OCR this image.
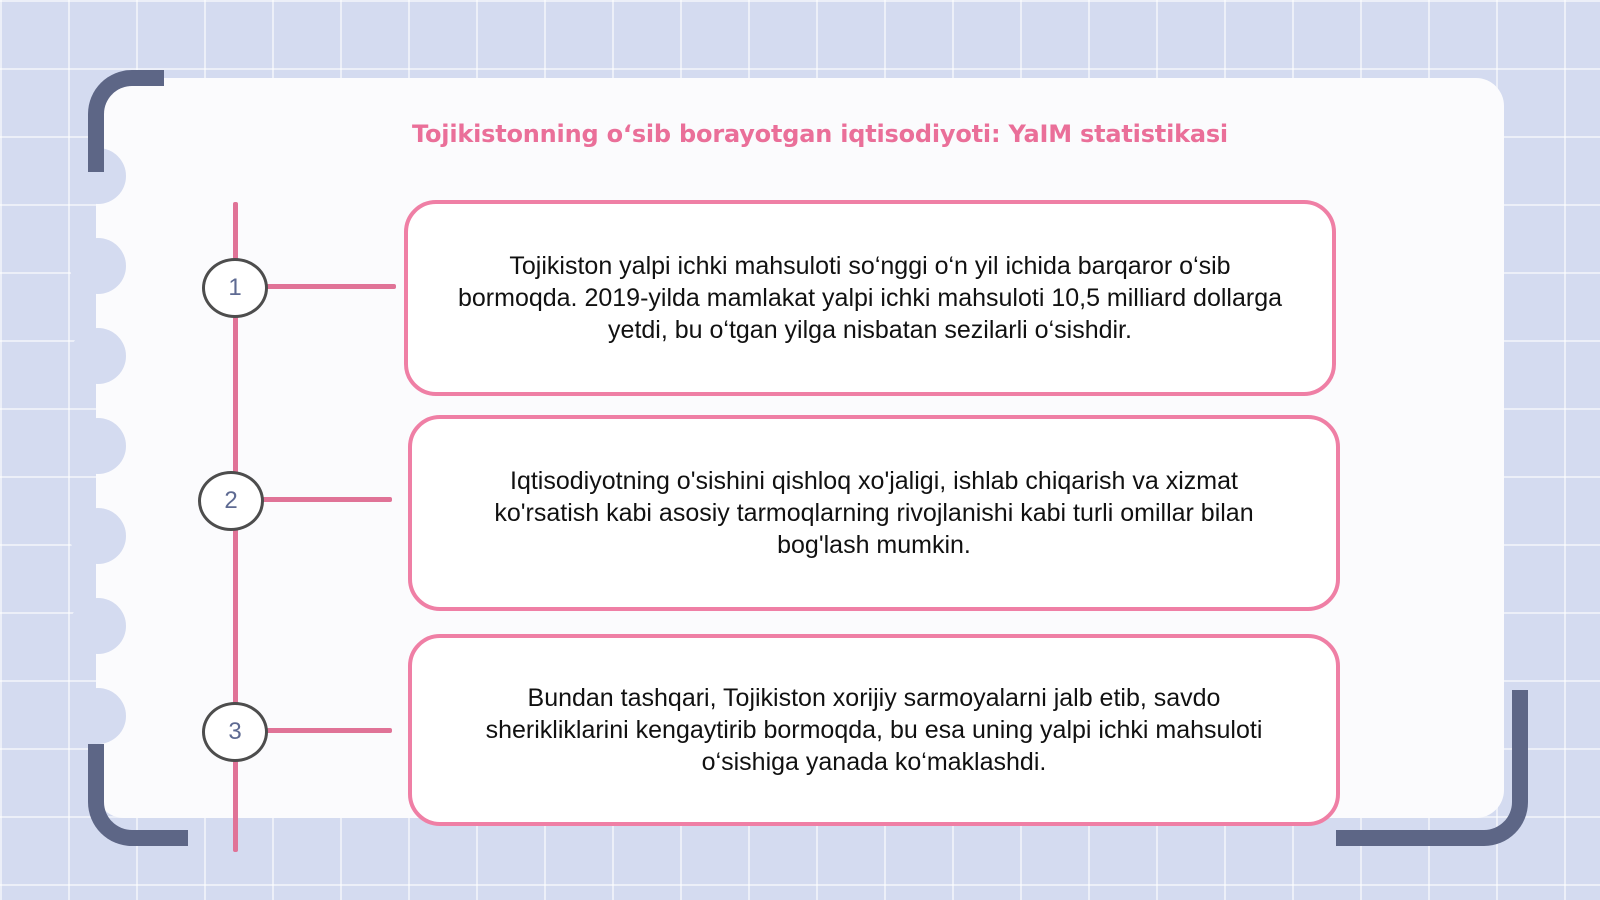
Tojikistonning o‘sib borayotgan iqtisodiyoti: YaIM statistikasi
1
Tojikiston yalpi ichki mahsuloti so‘nggi o‘n yil ichida barqaror o‘sib bormoqda. 2019-yilda mamlakat yalpi ichki mahsuloti 10,5 milliard dollarga yetdi, bu o‘tgan yilga nisbatan sezilarli o‘sishdir.
2
Iqtisodiyotning o'sishini qishloq xo'jaligi, ishlab chiqarish va xizmat ko'rsatish kabi asosiy tarmoqlarning rivojlanishi kabi turli omillar bilan bog'lash mumkin.
3
Bundan tashqari, Tojikiston xorijiy sarmoyalarni jalb etib, savdo sherikliklarini kengaytirib bormoqda, bu esa uning yalpi ichki mahsuloti o‘sishiga yanada ko‘maklashdi.
